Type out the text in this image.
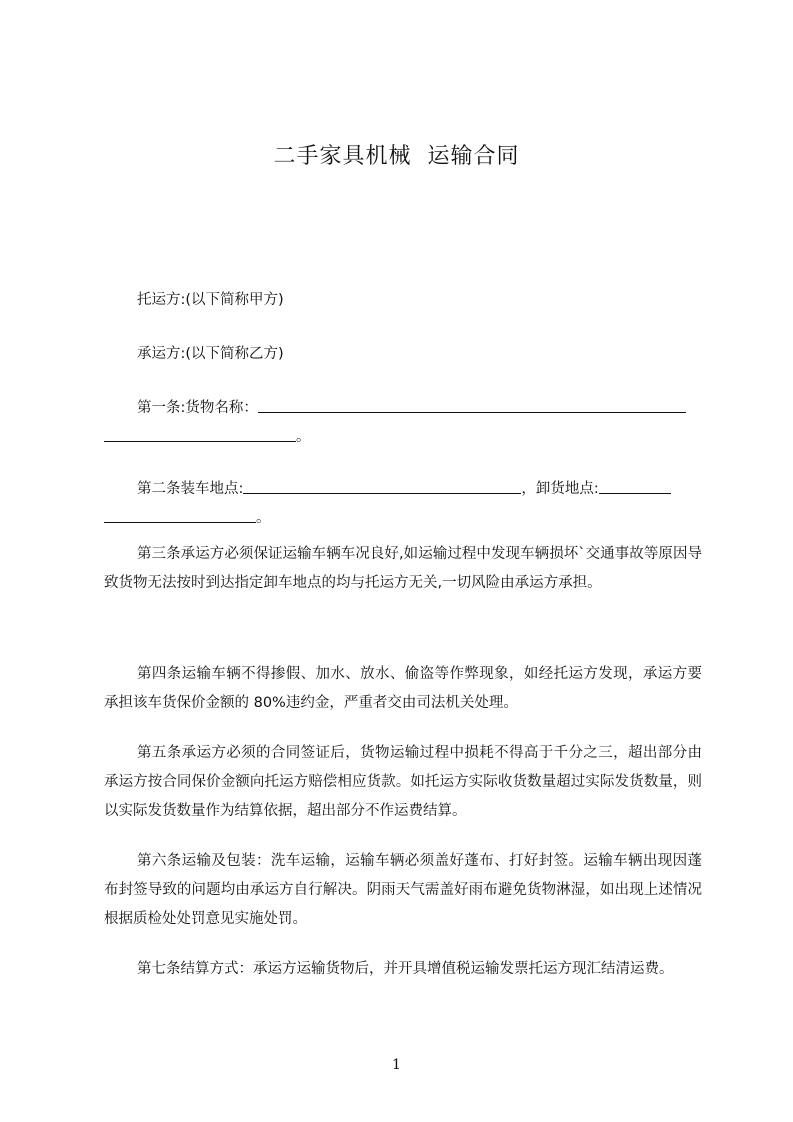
二手家具机械  运输合同
托运方:(以下简称甲方)
承运方:(以下简称乙方)
第一条:货物名称：
。
第二条装车地点:	，卸货地点:
。
第三条承运方必须保证运输车辆车况良好,如运输过程中发现车辆损坏`交通事故等原因导致货物无法按时到达指定卸车地点的均与托运方无关,一切风险由承运方承担。
第四条运输车辆不得掺假、加水、放水、偷盗等作弊现象，如经托运方发现，承运方要承担该车货保价金额的 80%违约金，严重者交由司法机关处理。
第五条承运方必须的合同签证后，货物运输过程中损耗不得高于千分之三，超出部分由承运方按合同保价金额向托运方赔偿相应货款。如托运方实际收货数量超过实际发货数量，则以实际发货数量作为结算依据，超出部分不作运费结算。
第六条运输及包装：洗车运输，运输车辆必须盖好蓬布、打好封签。运输车辆出现因蓬布封签导致的问题均由承运方自行解决。阴雨天气需盖好雨布避免货物淋湿，如出现上述情况根据质检处处罚意见实施处罚。
第七条结算方式：承运方运输货物后，并开具增值税运输发票托运方现汇结清运费。
1
